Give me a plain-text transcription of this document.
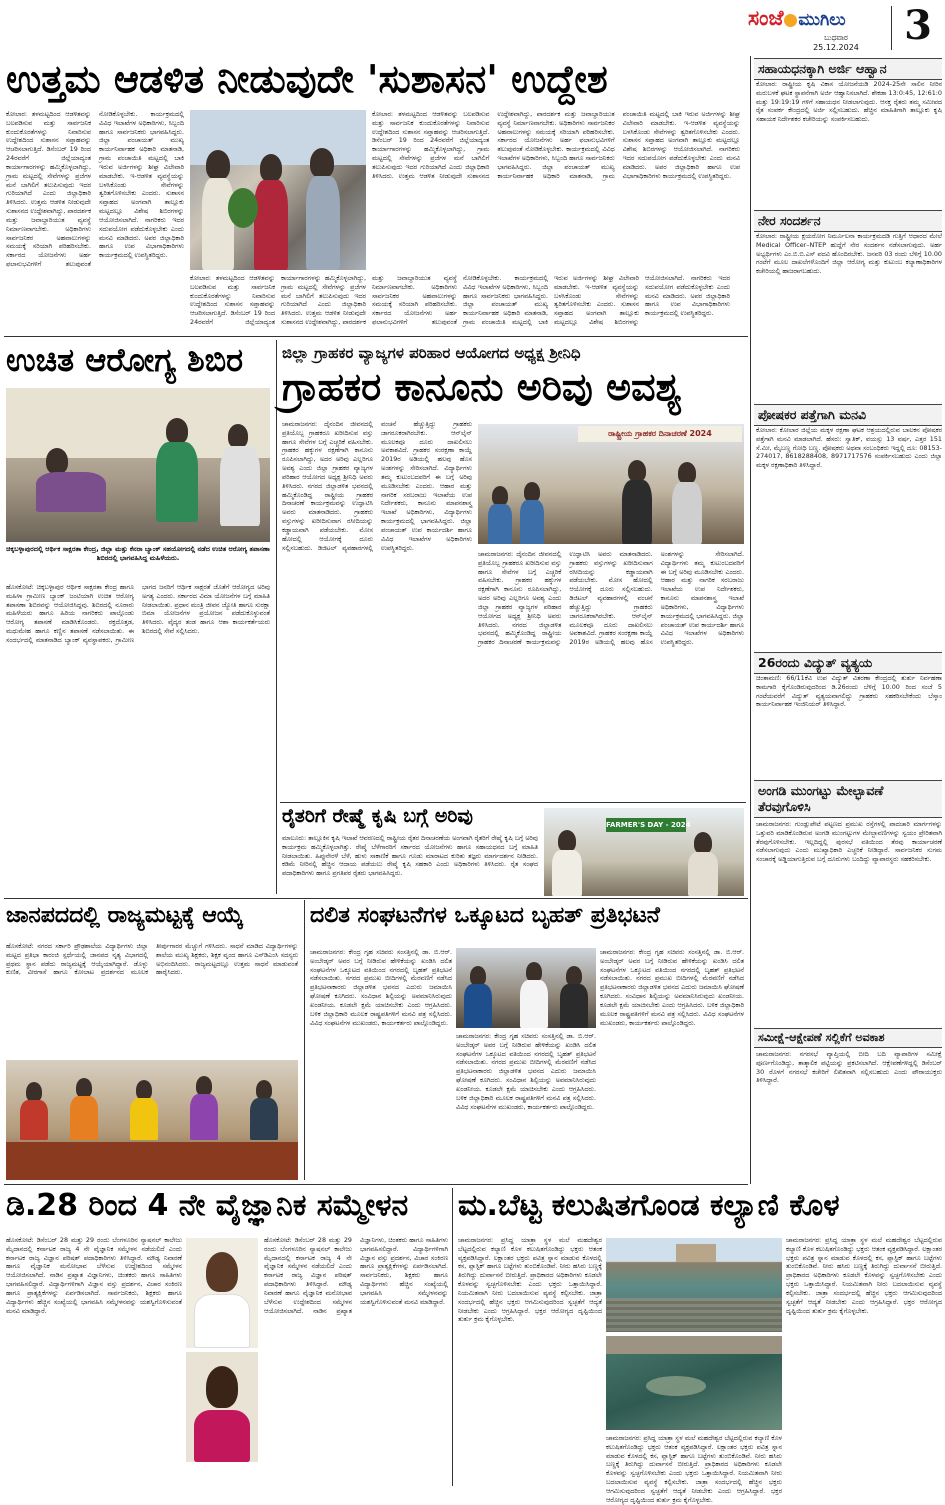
ಸಂಜೆ ಮುಗಿಲು
ಬುಧವಾರ
25.12.2024	3
ಉತ್ತಮ ಆಡಳಿತ ನೀಡುವುದೇ 'ಸುಶಾಸನ' ಉದ್ದೇಶ
ಕೋಲಾರ: ತಳಮಟ್ಟದಿಂದ ಆಡಳಿತವನ್ನು ಬಲಪಡಿಸುವ ಮತ್ತು ಸಾರ್ವಜನಿಕ ಕುಂದುಕೊರತೆಗಳನ್ನು ನಿವಾರಿಸುವ ಉದ್ದೇಶದಿಂದ ಸುಶಾಸನ ಸಪ್ತಾಹವನ್ನು ಆಚರಿಸಲಾಗುತ್ತಿದೆ. ಡಿಸೆಂಬರ್ 19 ರಿಂದ 24ರವರೆಗೆ ಜಿಲ್ಲೆಯಾದ್ಯಂತ ಕಾರ್ಯಾಗಾರಗಳನ್ನು ಹಮ್ಮಿಕೊಳ್ಳಲಾಗಿದ್ದು, ಗ್ರಾಮ ಮಟ್ಟದಲ್ಲಿ ಸೇವೆಗಳನ್ನು ಪ್ರಜೆಗಳ ಮನೆ ಬಾಗಿಲಿಗೆ ತಲುಪಿಸುವುದು ಇದರ ಗುರಿಯಾಗಿದೆ ಎಂದು ಜಿಲ್ಲಾಧಿಕಾರಿ ತಿಳಿಸಿದರು. ಉತ್ತಮ ಆಡಳಿತ ನೀಡುವುದೇ ಸುಶಾಸನದ ಉದ್ದೇಶವಾಗಿದ್ದು, ಪಾರದರ್ಶಕ ಮತ್ತು ಜವಾಬ್ದಾರಿಯುತ ವ್ಯವಸ್ಥೆ ನಿರ್ಮಾಣವಾಗಬೇಕು. ಅಧಿಕಾರಿಗಳು ಸಾರ್ವಜನಿಕರ ಅಹವಾಲುಗಳನ್ನು ಸಮಯಕ್ಕೆ ಸರಿಯಾಗಿ ಪರಿಹರಿಸಬೇಕು. ಸರ್ಕಾರದ ಯೋಜನೆಗಳು ಅರ್ಹ ಫಲಾನುಭವಿಗಳಿಗೆ ತಲುಪುವಂತೆ ನೋಡಿಕೊಳ್ಳಬೇಕು. ಕಾರ್ಯಕ್ರಮದಲ್ಲಿ ವಿವಿಧ ಇಲಾಖೆಗಳ ಅಧಿಕಾರಿಗಳು, ಸಿಬ್ಬಂದಿ ಹಾಗೂ ಸಾರ್ವಜನಿಕರು ಭಾಗವಹಿಸಿದ್ದರು. ಜಿಲ್ಲಾ ಪಂಚಾಯತ್ ಮುಖ್ಯ ಕಾರ್ಯನಿರ್ವಾಹಕ ಅಧಿಕಾರಿ ಮಾತನಾಡಿ, ಗ್ರಾಮ ಪಂಚಾಯಿತಿ ಮಟ್ಟದಲ್ಲಿ ಬಾಕಿ ಇರುವ ಅರ್ಜಿಗಳನ್ನು ಶೀಘ್ರ ವಿಲೇವಾರಿ ಮಾಡಬೇಕು. ಇ-ಆಡಳಿತ ವ್ಯವಸ್ಥೆಯನ್ನು ಬಳಸಿಕೊಂಡು ಸೇವೆಗಳನ್ನು ತ್ವರಿತಗೊಳಿಸಬೇಕು ಎಂದರು. ಸುಶಾಸನ ಸಪ್ತಾಹದ ಅಂಗವಾಗಿ ತಾಲ್ಲೂಕು ಮಟ್ಟದಲ್ಲೂ ವಿಶೇಷ ಶಿಬಿರಗಳನ್ನು ಆಯೋಜಿಸಲಾಗಿದೆ. ನಾಗರಿಕರು ಇದರ ಸದುಪಯೋಗ ಪಡೆದುಕೊಳ್ಳಬೇಕು ಎಂದು ಮನವಿ ಮಾಡಿದರು. ಅಪರ ಜಿಲ್ಲಾಧಿಕಾರಿ ಹಾಗೂ ಉಪ ವಿಭಾಗಾಧಿಕಾರಿಗಳು ಕಾರ್ಯಕ್ರಮದಲ್ಲಿ ಉಪಸ್ಥಿತರಿದ್ದರು.
ಕೋಲಾರ: ತಳಮಟ್ಟದಿಂದ ಆಡಳಿತವನ್ನು ಬಲಪಡಿಸುವ ಮತ್ತು ಸಾರ್ವಜನಿಕ ಕುಂದುಕೊರತೆಗಳನ್ನು ನಿವಾರಿಸುವ ಉದ್ದೇಶದಿಂದ ಸುಶಾಸನ ಸಪ್ತಾಹವನ್ನು ಆಚರಿಸಲಾಗುತ್ತಿದೆ. ಡಿಸೆಂಬರ್ 19 ರಿಂದ 24ರವರೆಗೆ ಜಿಲ್ಲೆಯಾದ್ಯಂತ ಕಾರ್ಯಾಗಾರಗಳನ್ನು ಹಮ್ಮಿಕೊಳ್ಳಲಾಗಿದ್ದು, ಗ್ರಾಮ ಮಟ್ಟದಲ್ಲಿ ಸೇವೆಗಳನ್ನು ಪ್ರಜೆಗಳ ಮನೆ ಬಾಗಿಲಿಗೆ ತಲುಪಿಸುವುದು ಇದರ ಗುರಿಯಾಗಿದೆ ಎಂದು ಜಿಲ್ಲಾಧಿಕಾರಿ ತಿಳಿಸಿದರು. ಉತ್ತಮ ಆಡಳಿತ ನೀಡುವುದೇ ಸುಶಾಸನದ ಉದ್ದೇಶವಾಗಿದ್ದು, ಪಾರದರ್ಶಕ ಮತ್ತು ಜವಾಬ್ದಾರಿಯುತ ವ್ಯವಸ್ಥೆ ನಿರ್ಮಾಣವಾಗಬೇಕು. ಅಧಿಕಾರಿಗಳು ಸಾರ್ವಜನಿಕರ ಅಹವಾಲುಗಳನ್ನು ಸಮಯಕ್ಕೆ ಸರಿಯಾಗಿ ಪರಿಹರಿಸಬೇಕು. ಸರ್ಕಾರದ ಯೋಜನೆಗಳು ಅರ್ಹ ಫಲಾನುಭವಿಗಳಿಗೆ ತಲುಪುವಂತೆ ನೋಡಿಕೊಳ್ಳಬೇಕು. ಕಾರ್ಯಕ್ರಮದಲ್ಲಿ ವಿವಿಧ ಇಲಾಖೆಗಳ ಅಧಿಕಾರಿಗಳು, ಸಿಬ್ಬಂದಿ ಹಾಗೂ ಸಾರ್ವಜನಿಕರು ಭಾಗವಹಿಸಿದ್ದರು. ಜಿಲ್ಲಾ ಪಂಚಾಯತ್ ಮುಖ್ಯ ಕಾರ್ಯನಿರ್ವಾಹಕ ಅಧಿಕಾರಿ ಮಾತನಾಡಿ, ಗ್ರಾಮ ಪಂಚಾಯಿತಿ ಮಟ್ಟದಲ್ಲಿ ಬಾಕಿ ಇರುವ ಅರ್ಜಿಗಳನ್ನು ಶೀಘ್ರ ವಿಲೇವಾರಿ ಮಾಡಬೇಕು. ಇ-ಆಡಳಿತ ವ್ಯವಸ್ಥೆಯನ್ನು ಬಳಸಿಕೊಂಡು ಸೇವೆಗಳನ್ನು ತ್ವರಿತಗೊಳಿಸಬೇಕು ಎಂದರು. ಸುಶಾಸನ ಸಪ್ತಾಹದ ಅಂಗವಾಗಿ ತಾಲ್ಲೂಕು ಮಟ್ಟದಲ್ಲೂ ವಿಶೇಷ ಶಿಬಿರಗಳನ್ನು ಆಯೋಜಿಸಲಾಗಿದೆ. ನಾಗರಿಕರು ಇದರ ಸದುಪಯೋಗ ಪಡೆದುಕೊಳ್ಳಬೇಕು ಎಂದು ಮನವಿ ಮಾಡಿದರು. ಅಪರ ಜಿಲ್ಲಾಧಿಕಾರಿ ಹಾಗೂ ಉಪ ವಿಭಾಗಾಧಿಕಾರಿಗಳು ಕಾರ್ಯಕ್ರಮದಲ್ಲಿ ಉಪಸ್ಥಿತರಿದ್ದರು.
ಕೋಲಾರ: ತಳಮಟ್ಟದಿಂದ ಆಡಳಿತವನ್ನು ಬಲಪಡಿಸುವ ಮತ್ತು ಸಾರ್ವಜನಿಕ ಕುಂದುಕೊರತೆಗಳನ್ನು ನಿವಾರಿಸುವ ಉದ್ದೇಶದಿಂದ ಸುಶಾಸನ ಸಪ್ತಾಹವನ್ನು ಆಚರಿಸಲಾಗುತ್ತಿದೆ. ಡಿಸೆಂಬರ್ 19 ರಿಂದ 24ರವರೆಗೆ ಜಿಲ್ಲೆಯಾದ್ಯಂತ ಕಾರ್ಯಾಗಾರಗಳನ್ನು ಹಮ್ಮಿಕೊಳ್ಳಲಾಗಿದ್ದು, ಗ್ರಾಮ ಮಟ್ಟದಲ್ಲಿ ಸೇವೆಗಳನ್ನು ಪ್ರಜೆಗಳ ಮನೆ ಬಾಗಿಲಿಗೆ ತಲುಪಿಸುವುದು ಇದರ ಗುರಿಯಾಗಿದೆ ಎಂದು ಜಿಲ್ಲಾಧಿಕಾರಿ ತಿಳಿಸಿದರು. ಉತ್ತಮ ಆಡಳಿತ ನೀಡುವುದೇ ಸುಶಾಸನದ ಉದ್ದೇಶವಾಗಿದ್ದು, ಪಾರದರ್ಶಕ ಮತ್ತು ಜವಾಬ್ದಾರಿಯುತ ವ್ಯವಸ್ಥೆ ನಿರ್ಮಾಣವಾಗಬೇಕು. ಅಧಿಕಾರಿಗಳು ಸಾರ್ವಜನಿಕರ ಅಹವಾಲುಗಳನ್ನು ಸಮಯಕ್ಕೆ ಸರಿಯಾಗಿ ಪರಿಹರಿಸಬೇಕು. ಸರ್ಕಾರದ ಯೋಜನೆಗಳು ಅರ್ಹ ಫಲಾನುಭವಿಗಳಿಗೆ ತಲುಪುವಂತೆ ನೋಡಿಕೊಳ್ಳಬೇಕು. ಕಾರ್ಯಕ್ರಮದಲ್ಲಿ ವಿವಿಧ ಇಲಾಖೆಗಳ ಅಧಿಕಾರಿಗಳು, ಸಿಬ್ಬಂದಿ ಹಾಗೂ ಸಾರ್ವಜನಿಕರು ಭಾಗವಹಿಸಿದ್ದರು. ಜಿಲ್ಲಾ ಪಂಚಾಯತ್ ಮುಖ್ಯ ಕಾರ್ಯನಿರ್ವಾಹಕ ಅಧಿಕಾರಿ ಮಾತನಾಡಿ, ಗ್ರಾಮ ಪಂಚಾಯಿತಿ ಮಟ್ಟದಲ್ಲಿ ಬಾಕಿ ಇರುವ ಅರ್ಜಿಗಳನ್ನು ಶೀಘ್ರ ವಿಲೇವಾರಿ ಮಾಡಬೇಕು. ಇ-ಆಡಳಿತ ವ್ಯವಸ್ಥೆಯನ್ನು ಬಳಸಿಕೊಂಡು ಸೇವೆಗಳನ್ನು ತ್ವರಿತಗೊಳಿಸಬೇಕು ಎಂದರು. ಸುಶಾಸನ ಸಪ್ತಾಹದ ಅಂಗವಾಗಿ ತಾಲ್ಲೂಕು ಮಟ್ಟದಲ್ಲೂ ವಿಶೇಷ ಶಿಬಿರಗಳನ್ನು ಆಯೋಜಿಸಲಾಗಿದೆ. ನಾಗರಿಕರು ಇದರ ಸದುಪಯೋಗ ಪಡೆದುಕೊಳ್ಳಬೇಕು ಎಂದು ಮನವಿ ಮಾಡಿದರು. ಅಪರ ಜಿಲ್ಲಾಧಿಕಾರಿ ಹಾಗೂ ಉಪ ವಿಭಾಗಾಧಿಕಾರಿಗಳು ಕಾರ್ಯಕ್ರಮದಲ್ಲಿ ಉಪಸ್ಥಿತರಿದ್ದರು.
ಉಚಿತ ಆರೋಗ್ಯ ಶಿಬಿರ
ಚಿಕ್ಕಬಳ್ಳಾಪುರದಲ್ಲಿ ಆರ್ಥಿಕ ಸಾಕ್ಷರತಾ ಕೇಂದ್ರ, ಜಿಲ್ಲಾ ಮತ್ತು ಕೆನರಾ ಬ್ಯಾಂಕ್ ಸಹಯೋಗದಲ್ಲಿ ನಡೆದ ಉಚಿತ ಆರೋಗ್ಯ ತಪಾಸಣಾ ಶಿಬಿರದಲ್ಲಿ ಭಾಗವಹಿಸಿದ್ದ ಮಹಿಳೆಯರು.
ಹೊಸಕೋಟೆ: ಚಿಕ್ಕಬಳ್ಳಾಪುರ ಆರ್ಥಿಕ ಸಾಕ್ಷರತಾ ಕೇಂದ್ರ ಹಾಗೂ ಮಹಿಳಾ ಗ್ರಾಮೀಣ ಬ್ಯಾಂಕ್ ಜಂಟಿಯಾಗಿ ಉಚಿತ ಆರೋಗ್ಯ ತಪಾಸಣಾ ಶಿಬಿರವನ್ನು ಆಯೋಜಿಸಿದ್ದವು. ಶಿಬಿರದಲ್ಲಿ ನೂರಾರು ಮಹಿಳೆಯರು ಹಾಗೂ ಹಿರಿಯ ನಾಗರಿಕರು ಪಾಲ್ಗೊಂಡು ಆರೋಗ್ಯ ತಪಾಸಣೆ ಮಾಡಿಸಿಕೊಂಡರು. ರಕ್ತದೊತ್ತಡ, ಮಧುಮೇಹ ಹಾಗೂ ಕಣ್ಣಿನ ತಪಾಸಣೆ ನಡೆಸಲಾಯಿತು. ಈ ಸಂದರ್ಭದಲ್ಲಿ ಮಾತನಾಡಿದ ಬ್ಯಾಂಕ್ ವ್ಯವಸ್ಥಾಪಕರು, ಗ್ರಾಮೀಣ ಭಾಗದ ಜನರಿಗೆ ಆರ್ಥಿಕ ಸಾಕ್ಷರತೆ ಜೊತೆಗೆ ಆರೋಗ್ಯದ ಅರಿವು ಅಗತ್ಯ ಎಂದರು. ಸರ್ಕಾರದ ವಿಮಾ ಯೋಜನೆಗಳ ಬಗ್ಗೆ ಮಾಹಿತಿ ನೀಡಲಾಯಿತು. ಪ್ರಧಾನ ಮಂತ್ರಿ ಜೀವನ ಜ್ಯೋತಿ ಹಾಗೂ ಸುರಕ್ಷಾ ಬಿಮಾ ಯೋಜನೆಗಳ ಪ್ರಯೋಜನ ಪಡೆದುಕೊಳ್ಳುವಂತೆ ತಿಳಿಸಿದರು. ವೈದ್ಯರ ತಂಡ ಹಾಗೂ ಆಶಾ ಕಾರ್ಯಕರ್ತೆಯರು ಶಿಬಿರದಲ್ಲಿ ಸೇವೆ ಸಲ್ಲಿಸಿದರು.
ಜಿಲ್ಲಾ ಗ್ರಾಹಕರ ವ್ಯಾಜ್ಯಗಳ ಪರಿಹಾರ ಆಯೋಗದ ಅಧ್ಯಕ್ಷ ಶ್ರೀನಿಧಿ
ಗ್ರಾಹಕರ ಕಾನೂನು ಅರಿವು ಅವಶ್ಯ
ಚಾಮರಾಜನಗರ: ದೈನಂದಿನ ಜೀವನದಲ್ಲಿ ಪ್ರತಿಯೊಬ್ಬ ಗ್ರಾಹಕರೂ ಖರೀದಿಸುವ ವಸ್ತು ಹಾಗೂ ಸೇವೆಗಳ ಬಗ್ಗೆ ಎಚ್ಚರಿಕೆ ವಹಿಸಬೇಕು. ಗ್ರಾಹಕರ ಹಕ್ಕುಗಳ ರಕ್ಷಣೆಗಾಗಿ ಕಾನೂನು ರೂಪಿಸಲಾಗಿದ್ದು, ಅದರ ಅರಿವು ಎಲ್ಲರಿಗೂ ಅವಶ್ಯ ಎಂದು ಜಿಲ್ಲಾ ಗ್ರಾಹಕರ ವ್ಯಾಜ್ಯಗಳ ಪರಿಹಾರ ಆಯೋಗದ ಅಧ್ಯಕ್ಷ ಶ್ರೀನಿಧಿ ಅವರು ತಿಳಿಸಿದರು. ನಗರದ ಜಿಲ್ಲಾಡಳಿತ ಭವನದಲ್ಲಿ ಹಮ್ಮಿಕೊಂಡಿದ್ದ ರಾಷ್ಟ್ರೀಯ ಗ್ರಾಹಕರ ದಿನಾಚರಣೆ ಕಾರ್ಯಕ್ರಮವನ್ನು ಉದ್ಘಾಟಿಸಿ ಅವರು ಮಾತನಾಡಿದರು. ಗ್ರಾಹಕರು ವಸ್ತುಗಳನ್ನು ಖರೀದಿಸುವಾಗ ರಸೀದಿಯನ್ನು ಕಡ್ಡಾಯವಾಗಿ ಪಡೆಯಬೇಕು. ಮೋಸ ಹೋದಲ್ಲಿ ಆಯೋಗಕ್ಕೆ ದೂರು ಸಲ್ಲಿಸಬಹುದು. ಡಿಜಿಟಲ್ ವ್ಯವಹಾರಗಳಲ್ಲಿ ವಂಚನೆ ಹೆಚ್ಚುತ್ತಿದ್ದು ಗ್ರಾಹಕರು ಜಾಗರೂಕರಾಗಿರಬೇಕು. ಆನ್‌ಲೈನ್ ಮೂಲಕವೂ ದೂರು ದಾಖಲಿಸಲು ಅವಕಾಶವಿದೆ. ಗ್ರಾಹಕರ ಸಂರಕ್ಷಣಾ ಕಾಯ್ದೆ 2019ರ ಅಡಿಯಲ್ಲಿ ಹಲವು ಹೊಸ ಅಂಶಗಳನ್ನು ಸೇರಿಸಲಾಗಿದೆ. ವಿದ್ಯಾರ್ಥಿಗಳು ತಮ್ಮ ಕುಟುಂಬದವರಿಗೆ ಈ ಬಗ್ಗೆ ಅರಿವು ಮೂಡಿಸಬೇಕು ಎಂದರು. ಆಹಾರ ಮತ್ತು ನಾಗರಿಕ ಸರಬರಾಜು ಇಲಾಖೆಯ ಉಪ ನಿರ್ದೇಶಕರು, ಕಾನೂನು ಮಾಪನಶಾಸ್ತ್ರ ಇಲಾಖೆ ಅಧಿಕಾರಿಗಳು, ವಿದ್ಯಾರ್ಥಿಗಳು ಕಾರ್ಯಕ್ರಮದಲ್ಲಿ ಭಾಗವಹಿಸಿದ್ದರು. ಜಿಲ್ಲಾ ಪಂಚಾಯತ್ ಉಪ ಕಾರ್ಯದರ್ಶಿ ಹಾಗೂ ವಿವಿಧ ಇಲಾಖೆಗಳ ಅಧಿಕಾರಿಗಳು ಉಪಸ್ಥಿತರಿದ್ದರು.
ರಾಷ್ಟ್ರೀಯ ಗ್ರಾಹಕರ ದಿನಾಚರಣೆ 2024
ಚಾಮರಾಜನಗರ: ದೈನಂದಿನ ಜೀವನದಲ್ಲಿ ಪ್ರತಿಯೊಬ್ಬ ಗ್ರಾಹಕರೂ ಖರೀದಿಸುವ ವಸ್ತು ಹಾಗೂ ಸೇವೆಗಳ ಬಗ್ಗೆ ಎಚ್ಚರಿಕೆ ವಹಿಸಬೇಕು. ಗ್ರಾಹಕರ ಹಕ್ಕುಗಳ ರಕ್ಷಣೆಗಾಗಿ ಕಾನೂನು ರೂಪಿಸಲಾಗಿದ್ದು, ಅದರ ಅರಿವು ಎಲ್ಲರಿಗೂ ಅವಶ್ಯ ಎಂದು ಜಿಲ್ಲಾ ಗ್ರಾಹಕರ ವ್ಯಾಜ್ಯಗಳ ಪರಿಹಾರ ಆಯೋಗದ ಅಧ್ಯಕ್ಷ ಶ್ರೀನಿಧಿ ಅವರು ತಿಳಿಸಿದರು. ನಗರದ ಜಿಲ್ಲಾಡಳಿತ ಭವನದಲ್ಲಿ ಹಮ್ಮಿಕೊಂಡಿದ್ದ ರಾಷ್ಟ್ರೀಯ ಗ್ರಾಹಕರ ದಿನಾಚರಣೆ ಕಾರ್ಯಕ್ರಮವನ್ನು ಉದ್ಘಾಟಿಸಿ ಅವರು ಮಾತನಾಡಿದರು. ಗ್ರಾಹಕರು ವಸ್ತುಗಳನ್ನು ಖರೀದಿಸುವಾಗ ರಸೀದಿಯನ್ನು ಕಡ್ಡಾಯವಾಗಿ ಪಡೆಯಬೇಕು. ಮೋಸ ಹೋದಲ್ಲಿ ಆಯೋಗಕ್ಕೆ ದೂರು ಸಲ್ಲಿಸಬಹುದು. ಡಿಜಿಟಲ್ ವ್ಯವಹಾರಗಳಲ್ಲಿ ವಂಚನೆ ಹೆಚ್ಚುತ್ತಿದ್ದು ಗ್ರಾಹಕರು ಜಾಗರೂಕರಾಗಿರಬೇಕು. ಆನ್‌ಲೈನ್ ಮೂಲಕವೂ ದೂರು ದಾಖಲಿಸಲು ಅವಕಾಶವಿದೆ. ಗ್ರಾಹಕರ ಸಂರಕ್ಷಣಾ ಕಾಯ್ದೆ 2019ರ ಅಡಿಯಲ್ಲಿ ಹಲವು ಹೊಸ ಅಂಶಗಳನ್ನು ಸೇರಿಸಲಾಗಿದೆ. ವಿದ್ಯಾರ್ಥಿಗಳು ತಮ್ಮ ಕುಟುಂಬದವರಿಗೆ ಈ ಬಗ್ಗೆ ಅರಿವು ಮೂಡಿಸಬೇಕು ಎಂದರು. ಆಹಾರ ಮತ್ತು ನಾಗರಿಕ ಸರಬರಾಜು ಇಲಾಖೆಯ ಉಪ ನಿರ್ದೇಶಕರು, ಕಾನೂನು ಮಾಪನಶಾಸ್ತ್ರ ಇಲಾಖೆ ಅಧಿಕಾರಿಗಳು, ವಿದ್ಯಾರ್ಥಿಗಳು ಕಾರ್ಯಕ್ರಮದಲ್ಲಿ ಭಾಗವಹಿಸಿದ್ದರು. ಜಿಲ್ಲಾ ಪಂಚಾಯತ್ ಉಪ ಕಾರ್ಯದರ್ಶಿ ಹಾಗೂ ವಿವಿಧ ಇಲಾಖೆಗಳ ಅಧಿಕಾರಿಗಳು ಉಪಸ್ಥಿತರಿದ್ದರು.
ರೈತರಿಗೆ ರೇಷ್ಮೆ ಕೃಷಿ ಬಗ್ಗೆ ಅರಿವು
ಮಾಲೂರು: ತಾಲ್ಲೂಕಿನ ಕೃಷಿ ಇಲಾಖೆ ಆವರಣದಲ್ಲಿ ರಾಷ್ಟ್ರೀಯ ರೈತರ ದಿನಾಚರಣೆಯ ಅಂಗವಾಗಿ ರೈತರಿಗೆ ರೇಷ್ಮೆ ಕೃಷಿ ಬಗ್ಗೆ ಅರಿವು ಕಾರ್ಯಕ್ರಮ ಹಮ್ಮಿಕೊಳ್ಳಲಾಗಿತ್ತು. ರೇಷ್ಮೆ ಬೆಳೆಗಾರರಿಗೆ ಸರ್ಕಾರದ ಯೋಜನೆಗಳು ಹಾಗೂ ಸಹಾಯಧನದ ಬಗ್ಗೆ ಮಾಹಿತಿ ನೀಡಲಾಯಿತು. ಹಿಪ್ಪುನೇರಳೆ ಬೆಳೆ, ಹುಳು ಸಾಕಾಣಿಕೆ ಹಾಗೂ ಗೂಡು ಮಾರಾಟದ ಕುರಿತು ತಜ್ಞರು ಮಾರ್ಗದರ್ಶನ ನೀಡಿದರು. ಕಡಿಮೆ ನೀರಿನಲ್ಲಿ ಹೆಚ್ಚಿನ ಆದಾಯ ಪಡೆಯಲು ರೇಷ್ಮೆ ಕೃಷಿ ಸಹಕಾರಿ ಎಂದು ಅಧಿಕಾರಿಗಳು ತಿಳಿಸಿದರು. ರೈತ ಸಂಘದ ಪದಾಧಿಕಾರಿಗಳು ಹಾಗೂ ಪ್ರಗತಿಪರ ರೈತರು ಭಾಗವಹಿಸಿದ್ದರು.
FARMER'S DAY - 2024
ಜಾನಪದದಲ್ಲಿ ರಾಜ್ಯಮಟ್ಟಕ್ಕೆ ಆಯ್ಕೆ
ಹೊಸಕೋಟೆ: ನಗರದ ಸರ್ಕಾರಿ ಪ್ರೌಢಶಾಲೆಯ ವಿದ್ಯಾರ್ಥಿಗಳು ಜಿಲ್ಲಾ ಮಟ್ಟದ ಪ್ರತಿಭಾ ಕಾರಂಜಿ ಸ್ಪರ್ಧೆಯಲ್ಲಿ ಜಾನಪದ ನೃತ್ಯ ವಿಭಾಗದಲ್ಲಿ ಪ್ರಥಮ ಸ್ಥಾನ ಪಡೆದು ರಾಜ್ಯಮಟ್ಟಕ್ಕೆ ಆಯ್ಕೆಯಾಗಿದ್ದಾರೆ. ಡೊಳ್ಳು ಕುಣಿತ, ವೀರಗಾಸೆ ಹಾಗೂ ಕೋಲಾಟ ಪ್ರದರ್ಶನದ ಮೂಲಕ ತೀರ್ಪುಗಾರರ ಮೆಚ್ಚುಗೆ ಗಳಿಸಿದರು. ಸಾಧನೆ ಮಾಡಿದ ವಿದ್ಯಾರ್ಥಿಗಳನ್ನು ಶಾಲೆಯ ಮುಖ್ಯ ಶಿಕ್ಷಕರು, ಶಿಕ್ಷಕ ವೃಂದ ಹಾಗೂ ಎಸ್‌ಡಿಎಂಸಿ ಸದಸ್ಯರು ಅಭಿನಂದಿಸಿದರು. ರಾಜ್ಯಮಟ್ಟದಲ್ಲೂ ಉತ್ತಮ ಸಾಧನೆ ಮಾಡುವಂತೆ ಹಾರೈಸಿದರು.
ದಲಿತ ಸಂಘಟನೆಗಳ ಒಕ್ಕೂಟದ ಬೃಹತ್ ಪ್ರತಿಭಟನೆ
ಚಾಮರಾಜನಗರ: ಕೇಂದ್ರ ಗೃಹ ಸಚಿವರು ಸಂಸತ್ತಿನಲ್ಲಿ ಡಾ. ಬಿ.ಆರ್. ಅಂಬೇಡ್ಕರ್ ಅವರ ಬಗ್ಗೆ ನೀಡಿರುವ ಹೇಳಿಕೆಯನ್ನು ಖಂಡಿಸಿ ದಲಿತ ಸಂಘಟನೆಗಳ ಒಕ್ಕೂಟದ ವತಿಯಿಂದ ನಗರದಲ್ಲಿ ಬೃಹತ್ ಪ್ರತಿಭಟನೆ ನಡೆಸಲಾಯಿತು. ನಗರದ ಪ್ರಮುಖ ಬೀದಿಗಳಲ್ಲಿ ಮೆರವಣಿಗೆ ನಡೆಸಿದ ಪ್ರತಿಭಟನಾಕಾರರು ಜಿಲ್ಲಾಡಳಿತ ಭವನದ ಎದುರು ಜಮಾಯಿಸಿ ಘೋಷಣೆ ಕೂಗಿದರು. ಸಂವಿಧಾನ ಶಿಲ್ಪಿಯನ್ನು ಅವಮಾನಿಸಿರುವುದು ಖಂಡನೀಯ. ಕೂಡಲೇ ಕ್ಷಮೆ ಯಾಚಿಸಬೇಕು ಎಂದು ಆಗ್ರಹಿಸಿದರು. ಬಳಿಕ ಜಿಲ್ಲಾಧಿಕಾರಿ ಮೂಲಕ ರಾಷ್ಟ್ರಪತಿಗಳಿಗೆ ಮನವಿ ಪತ್ರ ಸಲ್ಲಿಸಿದರು. ವಿವಿಧ ಸಂಘಟನೆಗಳ ಮುಖಂಡರು, ಕಾರ್ಯಕರ್ತರು ಪಾಲ್ಗೊಂಡಿದ್ದರು.
ಚಾಮರಾಜನಗರ: ಕೇಂದ್ರ ಗೃಹ ಸಚಿವರು ಸಂಸತ್ತಿನಲ್ಲಿ ಡಾ. ಬಿ.ಆರ್. ಅಂಬೇಡ್ಕರ್ ಅವರ ಬಗ್ಗೆ ನೀಡಿರುವ ಹೇಳಿಕೆಯನ್ನು ಖಂಡಿಸಿ ದಲಿತ ಸಂಘಟನೆಗಳ ಒಕ್ಕೂಟದ ವತಿಯಿಂದ ನಗರದಲ್ಲಿ ಬೃಹತ್ ಪ್ರತಿಭಟನೆ ನಡೆಸಲಾಯಿತು. ನಗರದ ಪ್ರಮುಖ ಬೀದಿಗಳಲ್ಲಿ ಮೆರವಣಿಗೆ ನಡೆಸಿದ ಪ್ರತಿಭಟನಾಕಾರರು ಜಿಲ್ಲಾಡಳಿತ ಭವನದ ಎದುರು ಜಮಾಯಿಸಿ ಘೋಷಣೆ ಕೂಗಿದರು. ಸಂವಿಧಾನ ಶಿಲ್ಪಿಯನ್ನು ಅವಮಾನಿಸಿರುವುದು ಖಂಡನೀಯ. ಕೂಡಲೇ ಕ್ಷಮೆ ಯಾಚಿಸಬೇಕು ಎಂದು ಆಗ್ರಹಿಸಿದರು. ಬಳಿಕ ಜಿಲ್ಲಾಧಿಕಾರಿ ಮೂಲಕ ರಾಷ್ಟ್ರಪತಿಗಳಿಗೆ ಮನವಿ ಪತ್ರ ಸಲ್ಲಿಸಿದರು. ವಿವಿಧ ಸಂಘಟನೆಗಳ ಮುಖಂಡರು, ಕಾರ್ಯಕರ್ತರು ಪಾಲ್ಗೊಂಡಿದ್ದರು.
ಚಾಮರಾಜನಗರ: ಕೇಂದ್ರ ಗೃಹ ಸಚಿವರು ಸಂಸತ್ತಿನಲ್ಲಿ ಡಾ. ಬಿ.ಆರ್. ಅಂಬೇಡ್ಕರ್ ಅವರ ಬಗ್ಗೆ ನೀಡಿರುವ ಹೇಳಿಕೆಯನ್ನು ಖಂಡಿಸಿ ದಲಿತ ಸಂಘಟನೆಗಳ ಒಕ್ಕೂಟದ ವತಿಯಿಂದ ನಗರದಲ್ಲಿ ಬೃಹತ್ ಪ್ರತಿಭಟನೆ ನಡೆಸಲಾಯಿತು. ನಗರದ ಪ್ರಮುಖ ಬೀದಿಗಳಲ್ಲಿ ಮೆರವಣಿಗೆ ನಡೆಸಿದ ಪ್ರತಿಭಟನಾಕಾರರು ಜಿಲ್ಲಾಡಳಿತ ಭವನದ ಎದುರು ಜಮಾಯಿಸಿ ಘೋಷಣೆ ಕೂಗಿದರು. ಸಂವಿಧಾನ ಶಿಲ್ಪಿಯನ್ನು ಅವಮಾನಿಸಿರುವುದು ಖಂಡನೀಯ. ಕೂಡಲೇ ಕ್ಷಮೆ ಯಾಚಿಸಬೇಕು ಎಂದು ಆಗ್ರಹಿಸಿದರು. ಬಳಿಕ ಜಿಲ್ಲಾಧಿಕಾರಿ ಮೂಲಕ ರಾಷ್ಟ್ರಪತಿಗಳಿಗೆ ಮನವಿ ಪತ್ರ ಸಲ್ಲಿಸಿದರು. ವಿವಿಧ ಸಂಘಟನೆಗಳ ಮುಖಂಡರು, ಕಾರ್ಯಕರ್ತರು ಪಾಲ್ಗೊಂಡಿದ್ದರು.
ಡಿ.28 ರಿಂದ 4 ನೇ ವೈಜ್ಞಾನಿಕ ಸಮ್ಮೇಳನ
ಹೊಸಕೋಟೆ: ಡಿಸೆಂಬರ್ 28 ಮತ್ತು 29 ರಂದು ಬೆಂಗಳೂರಿನ ನ್ಯಾಷನಲ್ ಕಾಲೇಜು ಮೈದಾನದಲ್ಲಿ ಕರ್ನಾಟಕ ರಾಜ್ಯ 4 ನೇ ವೈಜ್ಞಾನಿಕ ಸಮ್ಮೇಳನ ನಡೆಯಲಿದೆ ಎಂದು ಕರ್ನಾಟಕ ರಾಜ್ಯ ವಿಜ್ಞಾನ ಪರಿಷತ್ ಪದಾಧಿಕಾರಿಗಳು ತಿಳಿಸಿದ್ದಾರೆ. ಮೌಢ್ಯ ನಿವಾರಣೆ ಹಾಗೂ ವೈಜ್ಞಾನಿಕ ಮನೋಭಾವ ಬೆಳೆಸುವ ಉದ್ದೇಶದಿಂದ ಸಮ್ಮೇಳನ ಆಯೋಜಿಸಲಾಗಿದೆ. ನಾಡಿನ ಪ್ರಖ್ಯಾತ ವಿಜ್ಞಾನಿಗಳು, ಚಿಂತಕರು ಹಾಗೂ ಸಾಹಿತಿಗಳು ಭಾಗವಹಿಸಲಿದ್ದಾರೆ. ವಿದ್ಯಾರ್ಥಿಗಳಿಗಾಗಿ ವಿಜ್ಞಾನ ವಸ್ತು ಪ್ರದರ್ಶನ, ವಿಚಾರ ಸಂಕಿರಣ ಹಾಗೂ ಪ್ರಾತ್ಯಕ್ಷಿಕೆಗಳನ್ನು ಏರ್ಪಡಿಸಲಾಗಿದೆ. ಸಾರ್ವಜನಿಕರು, ಶಿಕ್ಷಕರು ಹಾಗೂ ವಿದ್ಯಾರ್ಥಿಗಳು ಹೆಚ್ಚಿನ ಸಂಖ್ಯೆಯಲ್ಲಿ ಭಾಗವಹಿಸಿ ಸಮ್ಮೇಳನವನ್ನು ಯಶಸ್ವಿಗೊಳಿಸುವಂತೆ ಮನವಿ ಮಾಡಿದ್ದಾರೆ.
ಹೊಸಕೋಟೆ: ಡಿಸೆಂಬರ್ 28 ಮತ್ತು 29 ರಂದು ಬೆಂಗಳೂರಿನ ನ್ಯಾಷನಲ್ ಕಾಲೇಜು ಮೈದಾನದಲ್ಲಿ ಕರ್ನಾಟಕ ರಾಜ್ಯ 4 ನೇ ವೈಜ್ಞಾನಿಕ ಸಮ್ಮೇಳನ ನಡೆಯಲಿದೆ ಎಂದು ಕರ್ನಾಟಕ ರಾಜ್ಯ ವಿಜ್ಞಾನ ಪರಿಷತ್ ಪದಾಧಿಕಾರಿಗಳು ತಿಳಿಸಿದ್ದಾರೆ. ಮೌಢ್ಯ ನಿವಾರಣೆ ಹಾಗೂ ವೈಜ್ಞಾನಿಕ ಮನೋಭಾವ ಬೆಳೆಸುವ ಉದ್ದೇಶದಿಂದ ಸಮ್ಮೇಳನ ಆಯೋಜಿಸಲಾಗಿದೆ. ನಾಡಿನ ಪ್ರಖ್ಯಾತ ವಿಜ್ಞಾನಿಗಳು, ಚಿಂತಕರು ಹಾಗೂ ಸಾಹಿತಿಗಳು ಭಾಗವಹಿಸಲಿದ್ದಾರೆ. ವಿದ್ಯಾರ್ಥಿಗಳಿಗಾಗಿ ವಿಜ್ಞಾನ ವಸ್ತು ಪ್ರದರ್ಶನ, ವಿಚಾರ ಸಂಕಿರಣ ಹಾಗೂ ಪ್ರಾತ್ಯಕ್ಷಿಕೆಗಳನ್ನು ಏರ್ಪಡಿಸಲಾಗಿದೆ. ಸಾರ್ವಜನಿಕರು, ಶಿಕ್ಷಕರು ಹಾಗೂ ವಿದ್ಯಾರ್ಥಿಗಳು ಹೆಚ್ಚಿನ ಸಂಖ್ಯೆಯಲ್ಲಿ ಭಾಗವಹಿಸಿ ಸಮ್ಮೇಳನವನ್ನು ಯಶಸ್ವಿಗೊಳಿಸುವಂತೆ ಮನವಿ ಮಾಡಿದ್ದಾರೆ.
ಮ.ಬೆಟ್ಟ ಕಲುಷಿತಗೊಂಡ ಕಲ್ಯಾಣಿ ಕೊಳ
ಚಾಮರಾಜನಗರ: ಪ್ರಸಿದ್ಧ ಯಾತ್ರಾ ಸ್ಥಳ ಮಲೆ ಮಹದೇಶ್ವರ ಬೆಟ್ಟದಲ್ಲಿರುವ ಕಲ್ಯಾಣಿ ಕೊಳ ಕಲುಷಿತಗೊಂಡಿದ್ದು ಭಕ್ತರು ಆತಂಕ ವ್ಯಕ್ತಪಡಿಸಿದ್ದಾರೆ. ಲಕ್ಷಾಂತರ ಭಕ್ತರು ಪವಿತ್ರ ಸ್ನಾನ ಮಾಡುವ ಕೊಳದಲ್ಲಿ ಕಸ, ಪ್ಲಾಸ್ಟಿಕ್ ಹಾಗೂ ಬಟ್ಟೆಗಳು ತುಂಬಿಕೊಂಡಿವೆ. ನೀರು ಹಸಿರು ಬಣ್ಣಕ್ಕೆ ತಿರುಗಿದ್ದು ದುರ್ವಾಸನೆ ಬೀರುತ್ತಿದೆ. ಪ್ರಾಧಿಕಾರದ ಅಧಿಕಾರಿಗಳು ಕೂಡಲೇ ಕೊಳವನ್ನು ಸ್ವಚ್ಛಗೊಳಿಸಬೇಕು ಎಂದು ಭಕ್ತರು ಒತ್ತಾಯಿಸಿದ್ದಾರೆ. ನಿಯಮಿತವಾಗಿ ನೀರು ಬದಲಾಯಿಸುವ ವ್ಯವಸ್ಥೆ ಕಲ್ಪಿಸಬೇಕು. ಜಾತ್ರಾ ಸಂದರ್ಭದಲ್ಲಿ ಹೆಚ್ಚಿನ ಭಕ್ತರು ಆಗಮಿಸುವುದರಿಂದ ಸ್ವಚ್ಛತೆಗೆ ಆದ್ಯತೆ ನೀಡಬೇಕು ಎಂದು ಆಗ್ರಹಿಸಿದ್ದಾರೆ. ಭಕ್ತರ ಆರೋಗ್ಯದ ದೃಷ್ಟಿಯಿಂದ ತುರ್ತು ಕ್ರಮ ಕೈಗೊಳ್ಳಬೇಕು.
ಚಾಮರಾಜನಗರ: ಪ್ರಸಿದ್ಧ ಯಾತ್ರಾ ಸ್ಥಳ ಮಲೆ ಮಹದೇಶ್ವರ ಬೆಟ್ಟದಲ್ಲಿರುವ ಕಲ್ಯಾಣಿ ಕೊಳ ಕಲುಷಿತಗೊಂಡಿದ್ದು ಭಕ್ತರು ಆತಂಕ ವ್ಯಕ್ತಪಡಿಸಿದ್ದಾರೆ. ಲಕ್ಷಾಂತರ ಭಕ್ತರು ಪವಿತ್ರ ಸ್ನಾನ ಮಾಡುವ ಕೊಳದಲ್ಲಿ ಕಸ, ಪ್ಲಾಸ್ಟಿಕ್ ಹಾಗೂ ಬಟ್ಟೆಗಳು ತುಂಬಿಕೊಂಡಿವೆ. ನೀರು ಹಸಿರು ಬಣ್ಣಕ್ಕೆ ತಿರುಗಿದ್ದು ದುರ್ವಾಸನೆ ಬೀರುತ್ತಿದೆ. ಪ್ರಾಧಿಕಾರದ ಅಧಿಕಾರಿಗಳು ಕೂಡಲೇ ಕೊಳವನ್ನು ಸ್ವಚ್ಛಗೊಳಿಸಬೇಕು ಎಂದು ಭಕ್ತರು ಒತ್ತಾಯಿಸಿದ್ದಾರೆ. ನಿಯಮಿತವಾಗಿ ನೀರು ಬದಲಾಯಿಸುವ ವ್ಯವಸ್ಥೆ ಕಲ್ಪಿಸಬೇಕು. ಜಾತ್ರಾ ಸಂದರ್ಭದಲ್ಲಿ ಹೆಚ್ಚಿನ ಭಕ್ತರು ಆಗಮಿಸುವುದರಿಂದ ಸ್ವಚ್ಛತೆಗೆ ಆದ್ಯತೆ ನೀಡಬೇಕು ಎಂದು ಆಗ್ರಹಿಸಿದ್ದಾರೆ. ಭಕ್ತರ ಆರೋಗ್ಯದ ದೃಷ್ಟಿಯಿಂದ ತುರ್ತು ಕ್ರಮ ಕೈಗೊಳ್ಳಬೇಕು.
ಚಾಮರಾಜನಗರ: ಪ್ರಸಿದ್ಧ ಯಾತ್ರಾ ಸ್ಥಳ ಮಲೆ ಮಹದೇಶ್ವರ ಬೆಟ್ಟದಲ್ಲಿರುವ ಕಲ್ಯಾಣಿ ಕೊಳ ಕಲುಷಿತಗೊಂಡಿದ್ದು ಭಕ್ತರು ಆತಂಕ ವ್ಯಕ್ತಪಡಿಸಿದ್ದಾರೆ. ಲಕ್ಷಾಂತರ ಭಕ್ತರು ಪವಿತ್ರ ಸ್ನಾನ ಮಾಡುವ ಕೊಳದಲ್ಲಿ ಕಸ, ಪ್ಲಾಸ್ಟಿಕ್ ಹಾಗೂ ಬಟ್ಟೆಗಳು ತುಂಬಿಕೊಂಡಿವೆ. ನೀರು ಹಸಿರು ಬಣ್ಣಕ್ಕೆ ತಿರುಗಿದ್ದು ದುರ್ವಾಸನೆ ಬೀರುತ್ತಿದೆ. ಪ್ರಾಧಿಕಾರದ ಅಧಿಕಾರಿಗಳು ಕೂಡಲೇ ಕೊಳವನ್ನು ಸ್ವಚ್ಛಗೊಳಿಸಬೇಕು ಎಂದು ಭಕ್ತರು ಒತ್ತಾಯಿಸಿದ್ದಾರೆ. ನಿಯಮಿತವಾಗಿ ನೀರು ಬದಲಾಯಿಸುವ ವ್ಯವಸ್ಥೆ ಕಲ್ಪಿಸಬೇಕು. ಜಾತ್ರಾ ಸಂದರ್ಭದಲ್ಲಿ ಹೆಚ್ಚಿನ ಭಕ್ತರು ಆಗಮಿಸುವುದರಿಂದ ಸ್ವಚ್ಛತೆಗೆ ಆದ್ಯತೆ ನೀಡಬೇಕು ಎಂದು ಆಗ್ರಹಿಸಿದ್ದಾರೆ. ಭಕ್ತರ ಆರೋಗ್ಯದ ದೃಷ್ಟಿಯಿಂದ ತುರ್ತು ಕ್ರಮ ಕೈಗೊಳ್ಳಬೇಕು.
ಸಹಾಯಧನಕ್ಕಾಗಿ ಅರ್ಜಿ ಆಹ್ವಾನ
ಕೋಲಾರ: ರಾಷ್ಟ್ರೀಯ ಕೃಷಿ ವಿಕಾಸ ಯೋಜನೆಯಡಿ 2024-25ನೇ ಸಾಲಿನ ನೀರಿನ ಮರುಬಳಕೆ ಘಟಕ ಸ್ಥಾಪನೆಗಾಗಿ ಅರ್ಜಿ ಆಹ್ವಾನಿಸಲಾಗಿದೆ. ಶೇಕಡಾ 13:0:45, 12:61:0 ಮತ್ತು 19:19:19 ಗಳಿಗೆ ಸಹಾಯಧನ ನೀಡಲಾಗುವುದು. ಆಸಕ್ತ ರೈತರು ತಮ್ಮ ಸಮೀಪದ ರೈತ ಸಂಪರ್ಕ ಕೇಂದ್ರದಲ್ಲಿ ಅರ್ಜಿ ಸಲ್ಲಿಸಬಹುದು. ಹೆಚ್ಚಿನ ಮಾಹಿತಿಗಾಗಿ ತಾಲ್ಲೂಕು ಕೃಷಿ ಸಹಾಯಕ ನಿರ್ದೇಶಕರ ಕಚೇರಿಯನ್ನು ಸಂಪರ್ಕಿಸಬಹುದು.
ನೇರ ಸಂದರ್ಶನ
ಕೋಲಾರ: ರಾಷ್ಟ್ರೀಯ ಕ್ಷಯರೋಗ ನಿರ್ಮೂಲನಾ ಕಾರ್ಯಕ್ರಮದಡಿ ಗುತ್ತಿಗೆ ಆಧಾರದ ಮೇಲೆ Medical Officer–NTEP ಹುದ್ದೆಗೆ ನೇರ ಸಂದರ್ಶನ ನಡೆಸಲಾಗುವುದು. ಅರ್ಹ ಅಭ್ಯರ್ಥಿಗಳು ಎಂ.ಬಿ.ಬಿ.ಎಸ್ ಪದವಿ ಹೊಂದಿರಬೇಕು. ಜನವರಿ 03 ರಂದು ಬೆಳಿಗ್ಗೆ 10.00 ಗಂಟೆಗೆ ಮೂಲ ದಾಖಲೆಗಳೊಂದಿಗೆ ಜಿಲ್ಲಾ ಆರೋಗ್ಯ ಮತ್ತು ಕುಟುಂಬ ಕಲ್ಯಾಣಾಧಿಕಾರಿಗಳ ಕಚೇರಿಯಲ್ಲಿ ಹಾಜರಾಗಬಹುದು.
ಪೋಷಕರ ಪತ್ತೆಗಾಗಿ ಮನವಿ
ಕೋಲಾರ: ಕೋಲಾರ ಜಿಲ್ಲೆಯ ಮಕ್ಕಳ ರಕ್ಷಣಾ ಘಟಕ ಆಶ್ರಯದಲ್ಲಿರುವ ಬಾಲಕನ ಪೋಷಕರ ಪತ್ತೆಗಾಗಿ ಮನವಿ ಮಾಡಲಾಗಿದೆ. ಹೆಸರು: ಸ್ವಾತಿಕ್, ವಯಸ್ಸು 13 ವರ್ಷ, ಎತ್ತರ 151 ಸೆ.ಮೀ, ಮೈಬಣ್ಣ ಗೋಧಿ ಬಣ್ಣ. ಪೋಷಕರು ಅಥವಾ ಸಂಬಂಧಿಕರು ಇದ್ದಲ್ಲಿ ದೂ: 08153-274017, 8618288408, 8971717576 ಸಂಪರ್ಕಿಸಬಹುದು ಎಂದು ಜಿಲ್ಲಾ ಮಕ್ಕಳ ರಕ್ಷಣಾಧಿಕಾರಿ ತಿಳಿಸಿದ್ದಾರೆ.
26ರಂದು ವಿದ್ಯುತ್ ವ್ಯತ್ಯಯ
ಚಿಂತಾಮಣಿ: 66/11ಕೆವಿ ಉಪ ವಿದ್ಯುತ್ ವಿತರಣಾ ಕೇಂದ್ರದಲ್ಲಿ ತುರ್ತು ನಿರ್ವಹಣಾ ಕಾಮಗಾರಿ ಕೈಗೊಂಡಿರುವುದರಿಂದ ಡಿ.26ರಂದು ಬೆಳಿಗ್ಗೆ 10.00 ರಿಂದ ಸಂಜೆ 5 ಗಂಟೆಯವರೆಗೆ ವಿದ್ಯುತ್ ವ್ಯತ್ಯಯವಾಗಲಿದ್ದು ಗ್ರಾಹಕರು ಸಹಕರಿಸಬೇಕೆಂದು ಬೆಸ್ಕಾಂ ಕಾರ್ಯನಿರ್ವಾಹಕ ಇಂಜಿನಿಯರ್ ತಿಳಿಸಿದ್ದಾರೆ.
ಅಂಗಡಿ ಮುಂಗಟ್ಟು ಮೇಲ್ಭಾವಣೆ ತೆರವುಗೊಳಿಸಿ
ಚಾಮರಾಜನಗರ: ಗುಂಡ್ಲುಪೇಟೆ ಪಟ್ಟಣದ ಪ್ರಮುಖ ರಸ್ತೆಗಳಲ್ಲಿ ಪಾದಚಾರಿ ಮಾರ್ಗಗಳನ್ನು ಒತ್ತುವರಿ ಮಾಡಿಕೊಂಡಿರುವ ಅಂಗಡಿ ಮುಂಗಟ್ಟುಗಳ ಮೇಲ್ಛಾವಣಿಗಳನ್ನು ಸ್ವಯಂ ಪ್ರೇರಿತವಾಗಿ ತೆರವುಗೊಳಿಸಬೇಕು. ಇಲ್ಲದಿದ್ದಲ್ಲಿ ಪುರಸಭೆ ವತಿಯಿಂದ ತೆರವು ಕಾರ್ಯಾಚರಣೆ ನಡೆಸಲಾಗುವುದು ಎಂದು ಮುಖ್ಯಾಧಿಕಾರಿ ಎಚ್ಚರಿಕೆ ನೀಡಿದ್ದಾರೆ. ಸಾರ್ವಜನಿಕರ ಸುಗಮ ಸಂಚಾರಕ್ಕೆ ಅಡ್ಡಿಯಾಗುತ್ತಿರುವ ಬಗ್ಗೆ ದೂರುಗಳು ಬಂದಿದ್ದು ವ್ಯಾಪಾರಸ್ಥರು ಸಹಕರಿಸಬೇಕು.
ಸಮೀಕ್ಷೆ-ಆಕ್ಷೇಪಣೆ ಸಲ್ಲಿಕೆಗೆ ಅವಕಾಶ
ಚಾಮರಾಜನಗರ: ನಗರಸಭೆ ವ್ಯಾಪ್ತಿಯಲ್ಲಿ ಬೀದಿ ಬದಿ ವ್ಯಾಪಾರಿಗಳ ಸಮೀಕ್ಷೆ ಪೂರ್ಣಗೊಂಡಿದ್ದು, ತಾತ್ಕಾಲಿಕ ಪಟ್ಟಿಯನ್ನು ಪ್ರಕಟಿಸಲಾಗಿದೆ. ಆಕ್ಷೇಪಣೆಗಳಿದ್ದಲ್ಲಿ ಡಿಸೆಂಬರ್ 30 ರೊಳಗೆ ನಗರಸಭೆ ಕಚೇರಿಗೆ ಲಿಖಿತವಾಗಿ ಸಲ್ಲಿಸಬಹುದು ಎಂದು ಪೌರಾಯುಕ್ತರು ತಿಳಿಸಿದ್ದಾರೆ.
